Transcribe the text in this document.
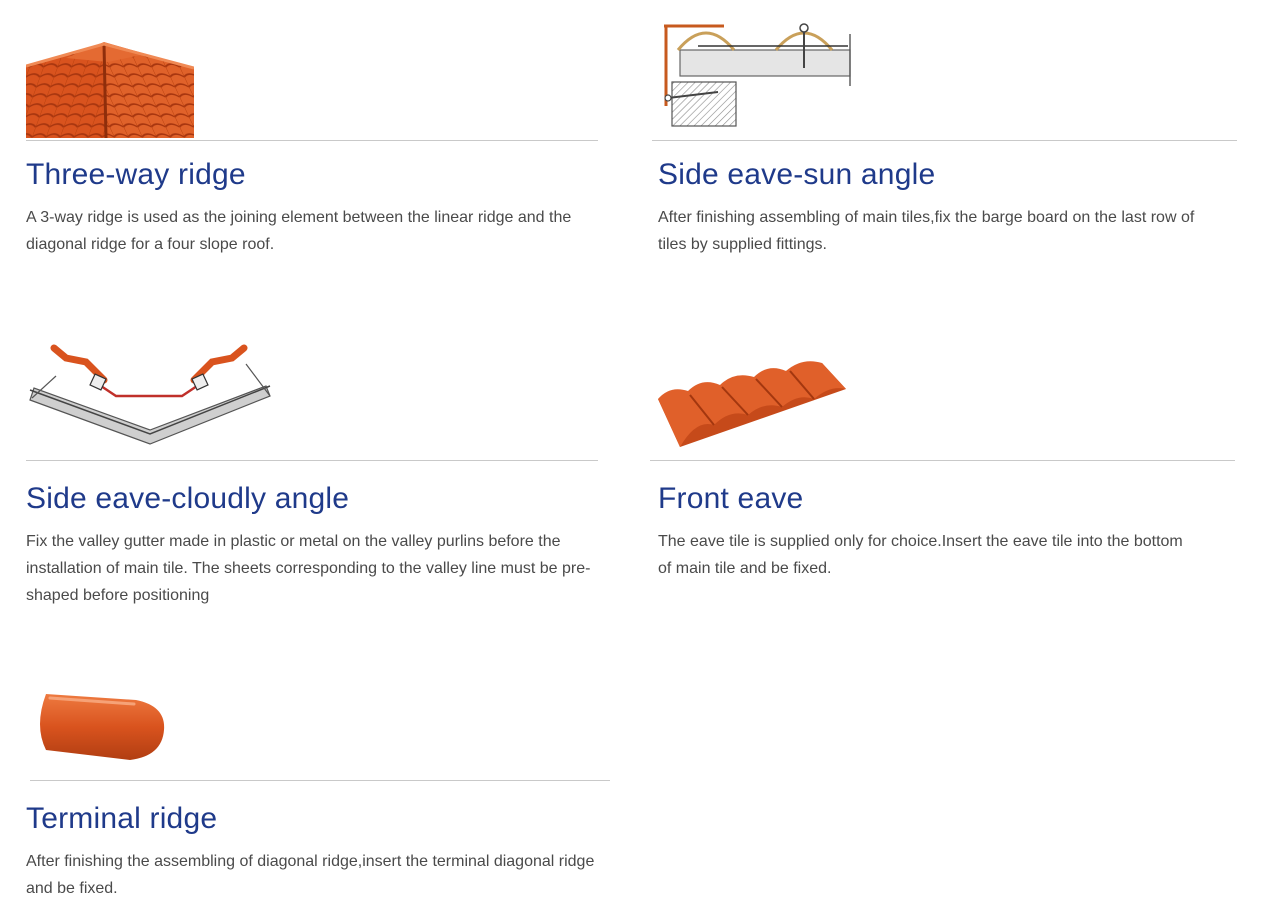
Three-way ridge

A 3-way ridge is used as the joining element between the linear ridge and the diagonal ridge for a four slope roof.

Side eave-sun angle

After finishing assembling of main tiles,fix the barge board on the last row of tiles by supplied fittings.

Side eave-cloudly angle

Fix the valley gutter made in plastic or metal on the valley purlins before the installation of main tile. The sheets corresponding to the valley line must be pre-shaped before positioning

Front eave

The eave tile is supplied only for choice.Insert the eave tile into the bottom of main tile and be fixed.

Terminal ridge

After finishing the assembling of diagonal ridge,insert the terminal diagonal ridge and be fixed.
